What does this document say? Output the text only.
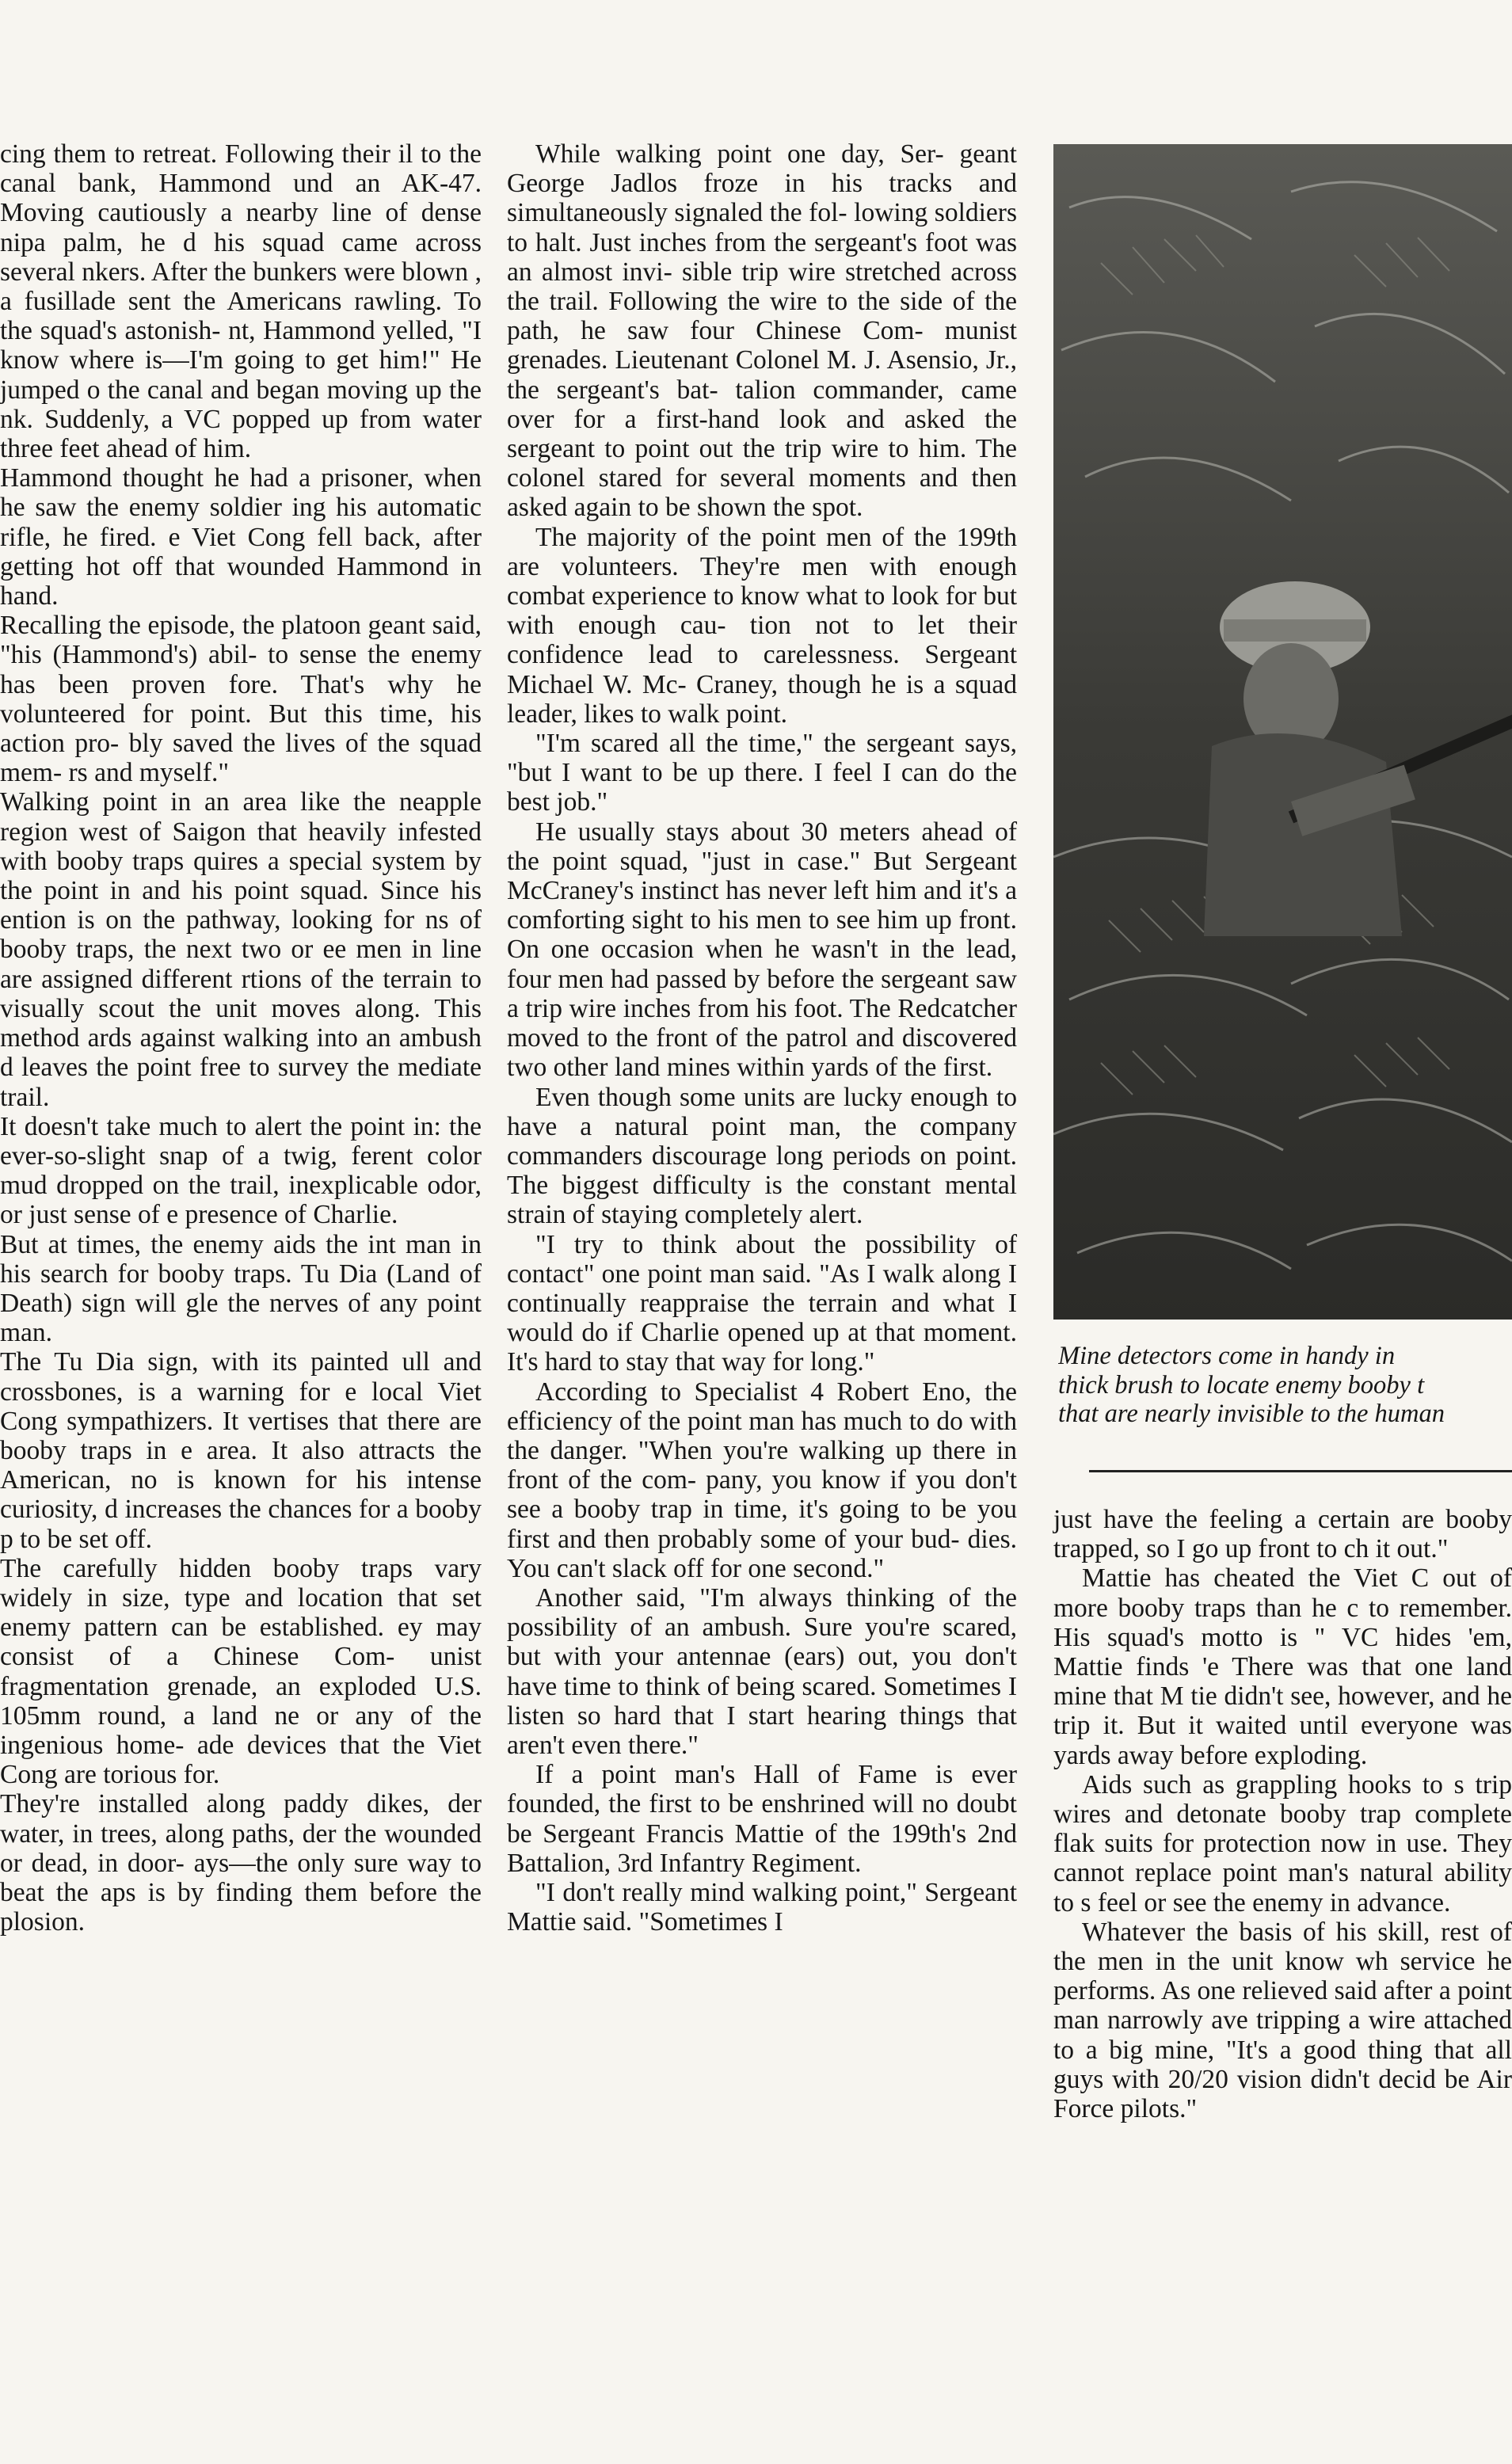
cing them to retreat. Following their il to the canal bank, Hammond und an AK-47. Moving cautiously a nearby line of dense nipa palm, he d his squad came across several nkers. After the bunkers were blown , a fusillade sent the Americans rawling. To the squad's astonish- nt, Hammond yelled, "I know where is—I'm going to get him!" He jumped o the canal and began moving up the nk. Suddenly, a VC popped up from water three feet ahead of him.

Hammond thought he had a prisoner, when he saw the enemy soldier ing his automatic rifle, he fired. e Viet Cong fell back, after getting hot off that wounded Hammond in hand.

Recalling the episode, the platoon geant said, "his (Hammond's) abil- to sense the enemy has been proven fore. That's why he volunteered for point. But this time, his action pro- bly saved the lives of the squad mem- rs and myself."

Walking point in an area like the neapple region west of Saigon that heavily infested with booby traps quires a special system by the point in and his point squad. Since his ention is on the pathway, looking for ns of booby traps, the next two or ee men in line are assigned different rtions of the terrain to visually scout the unit moves along. This method ards against walking into an ambush d leaves the point free to survey the mediate trail.

It doesn't take much to alert the point in: the ever-so-slight snap of a twig, ferent color mud dropped on the trail, inexplicable odor, or just sense of e presence of Charlie.

But at times, the enemy aids the int man in his search for booby traps. Tu Dia (Land of Death) sign will gle the nerves of any point man.

The Tu Dia sign, with its painted ull and crossbones, is a warning for e local Viet Cong sympathizers. It vertises that there are booby traps in e area. It also attracts the American, no is known for his intense curiosity, d increases the chances for a booby p to be set off.

The carefully hidden booby traps vary widely in size, type and location that set enemy pattern can be established. ey may consist of a Chinese Com- unist fragmentation grenade, an exploded U.S. 105mm round, a land ne or any of the ingenious home- ade devices that the Viet Cong are torious for.

They're installed along paddy dikes, der water, in trees, along paths, der the wounded or dead, in door- ays—the only sure way to beat the aps is by finding them before the plosion.

While walking point one day, Ser- geant George Jadlos froze in his tracks and simultaneously signaled the fol- lowing soldiers to halt. Just inches from the sergeant's foot was an almost invi- sible trip wire stretched across the trail. Following the wire to the side of the path, he saw four Chinese Com- munist grenades. Lieutenant Colonel M. J. Asensio, Jr., the sergeant's bat- talion commander, came over for a first-hand look and asked the sergeant to point out the trip wire to him. The colonel stared for several moments and then asked again to be shown the spot.

The majority of the point men of the 199th are volunteers. They're men with enough combat experience to know what to look for but with enough cau- tion not to let their confidence lead to carelessness. Sergeant Michael W. Mc- Craney, though he is a squad leader, likes to walk point.

"I'm scared all the time," the sergeant says, "but I want to be up there. I feel I can do the best job."

He usually stays about 30 meters ahead of the point squad, "just in case." But Sergeant McCraney's instinct has never left him and it's a comforting sight to his men to see him up front. On one occasion when he wasn't in the lead, four men had passed by before the sergeant saw a trip wire inches from his foot. The Redcatcher moved to the front of the patrol and discovered two other land mines within yards of the first.

Even though some units are lucky enough to have a natural point man, the company commanders discourage long periods on point. The biggest difficulty is the constant mental strain of staying completely alert.

"I try to think about the possibility of contact" one point man said. "As I walk along I continually reappraise the terrain and what I would do if Charlie opened up at that moment. It's hard to stay that way for long."

According to Specialist 4 Robert Eno, the efficiency of the point man has much to do with the danger. "When you're walking up there in front of the com- pany, you know if you don't see a booby trap in time, it's going to be you first and then probably some of your bud- dies. You can't slack off for one second."

Another said, "I'm always thinking of the possibility of an ambush. Sure you're scared, but with your antennae (ears) out, you don't have time to think of being scared. Sometimes I listen so hard that I start hearing things that aren't even there."

If a point man's Hall of Fame is ever founded, the first to be enshrined will no doubt be Sergeant Francis Mattie of the 199th's 2nd Battalion, 3rd Infantry Regiment.

"I don't really mind walking point," Sergeant Mattie said. "Sometimes I

Mine detectors come in handy in
thick brush to locate enemy booby t
that are nearly invisible to the human

just have the feeling a certain are booby trapped, so I go up front to ch it out."

Mattie has cheated the Viet C out of more booby traps than he c to remember. His squad's motto is " VC hides 'em, Mattie finds 'e There was that one land mine that M tie didn't see, however, and he trip it. But it waited until everyone was yards away before exploding.

Aids such as grappling hooks to s trip wires and detonate booby trap complete flak suits for protection now in use. They cannot replace point man's natural ability to s feel or see the enemy in advance.

Whatever the basis of his skill, rest of the men in the unit know wh service he performs. As one relieved said after a point man narrowly ave tripping a wire attached to a big mine, "It's a good thing that all guys with 20/20 vision didn't decid be Air Force pilots."
